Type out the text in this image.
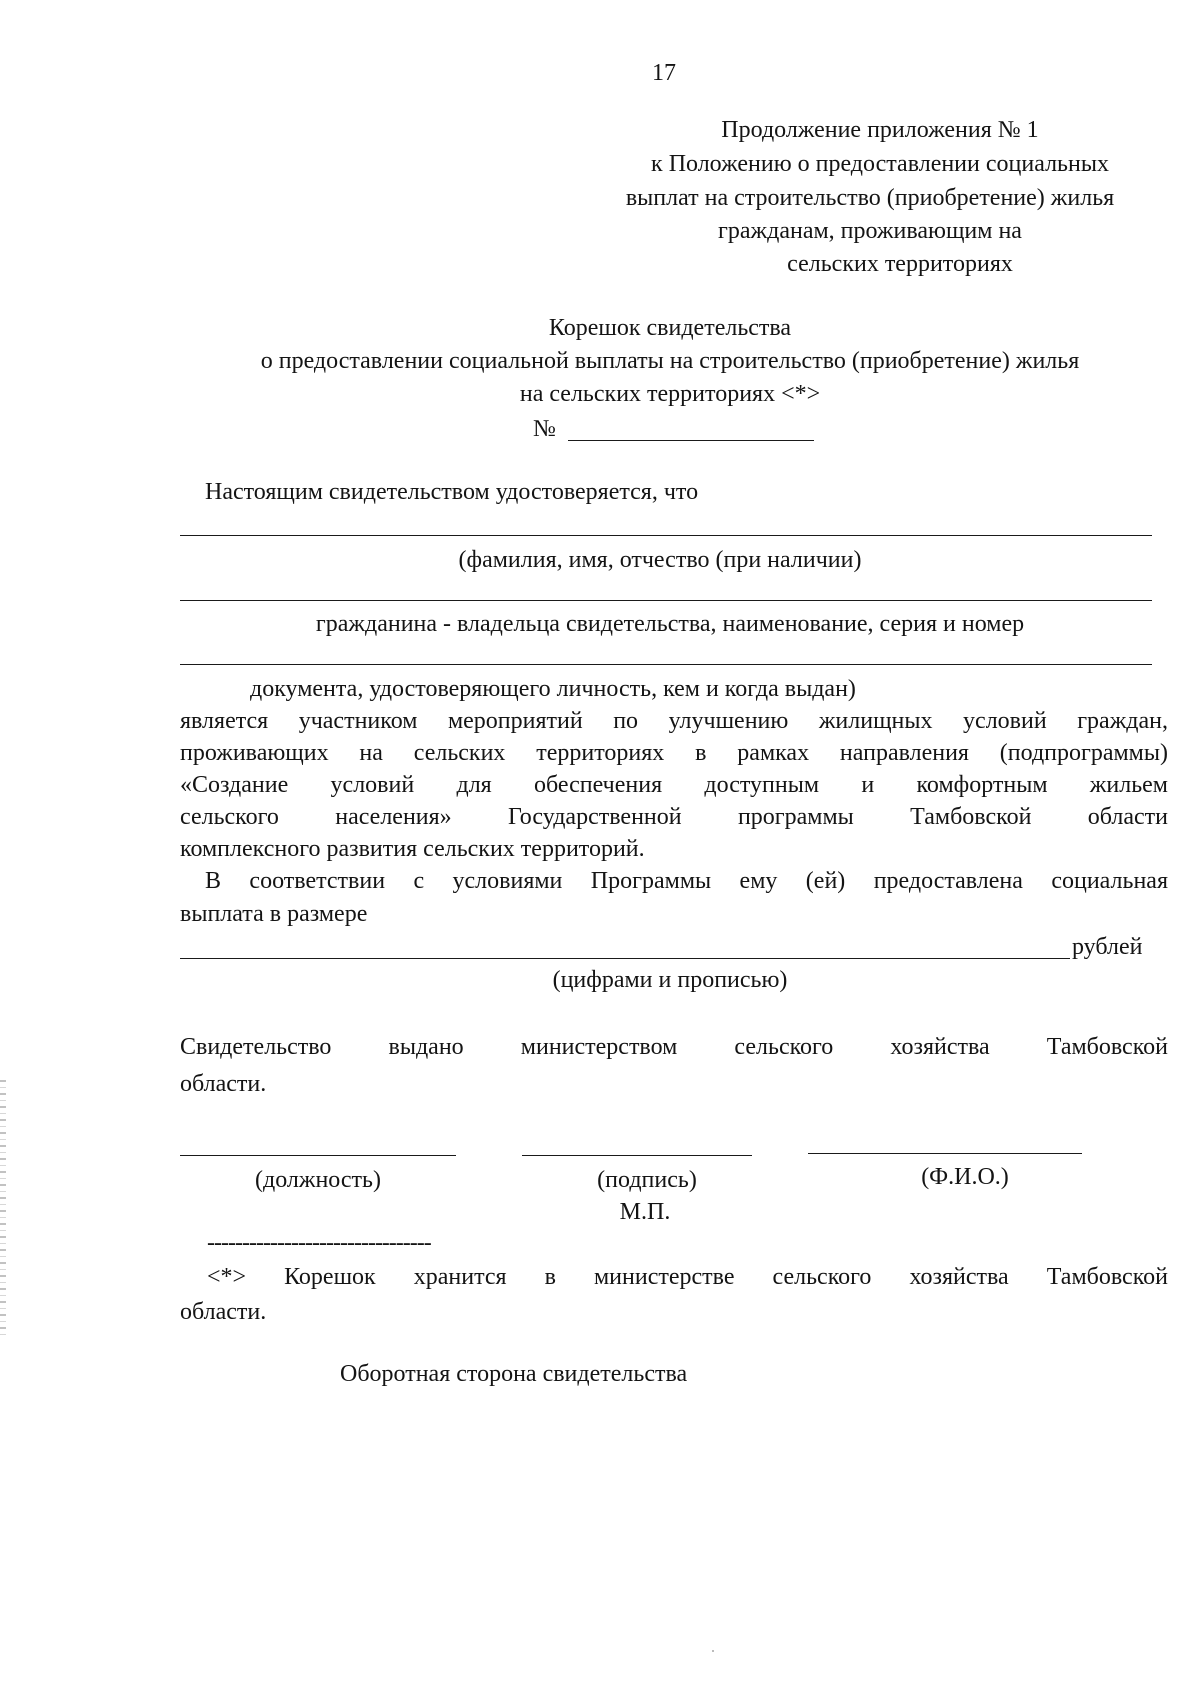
17
Продолжение приложения № 1
к Положению о предоставлении социальных
выплат на строительство (приобретение) жилья
гражданам, проживающим на
сельских территориях
Корешок свидетельства
о предоставлении социальной выплаты на строительство (приобретение) жилья
на сельских территориях <*>
№
Настоящим свидетельством удостоверяется, что
(фамилия, имя, отчество (при наличии)
гражданина - владельца свидетельства, наименование, серия и номер
документа, удостоверяющего личность, кем и когда выдан)
является участником мероприятий по улучшению жилищных условий граждан,
проживающих на сельских территориях в рамках направления (подпрограммы)
«Создание условий для обеспечения доступным и комфортным жильем
сельского населения» Государственной программы Тамбовской области
комплексного развития сельских территорий.
В соответствии с условиями Программы ему (ей) предоставлена социальная
выплата в размере
рублей
(цифрами и прописью)
Свидетельство выдано министерством сельского хозяйства Тамбовской
области.
(должность)	(подпись)	(Ф.И.О.)
М.П.
--------------------------------
<*> Корешок хранится в министерстве сельского хозяйства Тамбовской
области.
Оборотная сторона свидетельства
